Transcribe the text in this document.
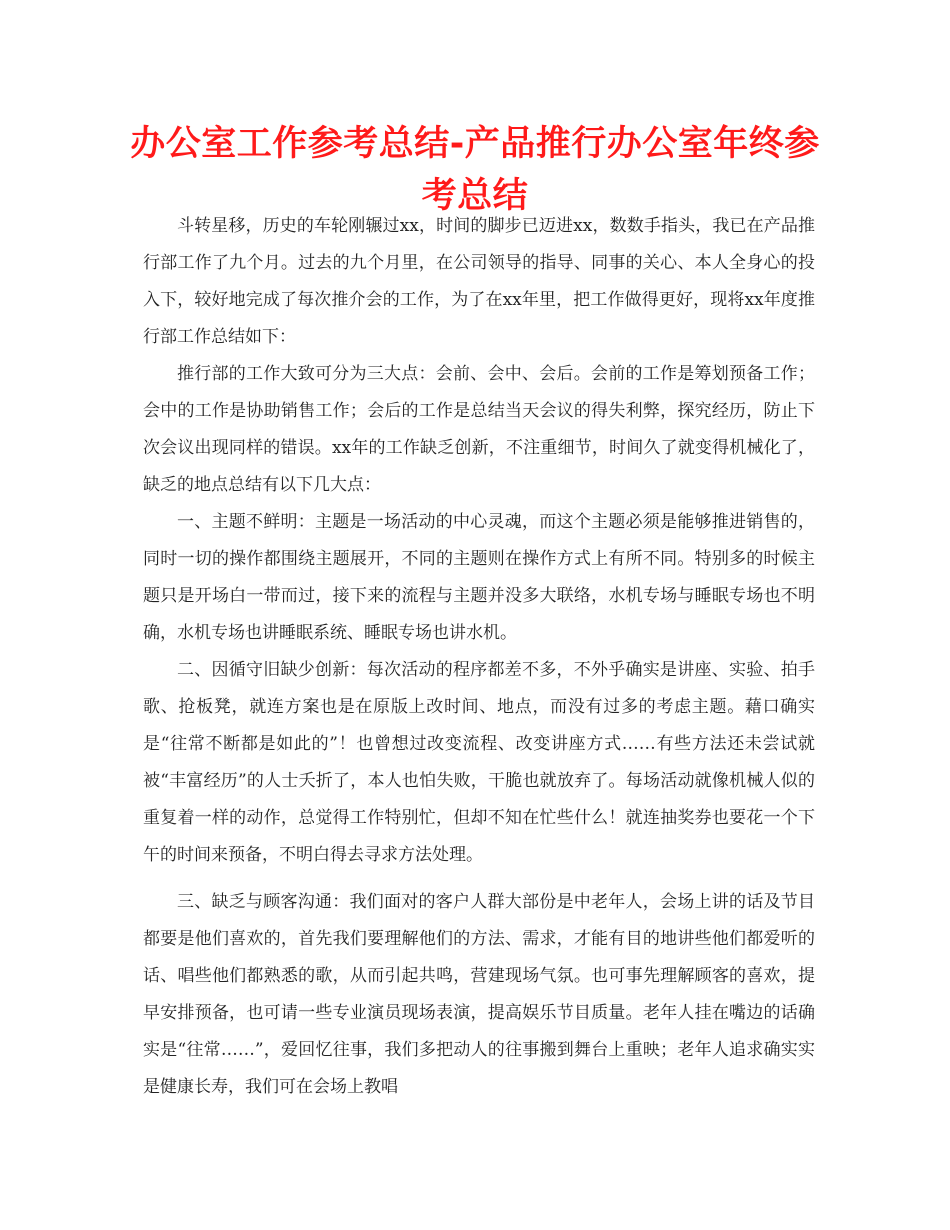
办公室工作参考总结-产品推行办公室年终参考总结

斗转星移，历史的车轮刚辗过xx，时间的脚步已迈进xx，数数手指头，我已在产品推行部工作了九个月。过去的九个月里，在公司领导的指导、同事的关心、本人全身心的投入下，较好地完成了每次推介会的工作，为了在xx年里，把工作做得更好，现将xx年度推行部工作总结如下：

推行部的工作大致可分为三大点：会前、会中、会后。会前的工作是筹划预备工作；会中的工作是协助销售工作；会后的工作是总结当天会议的得失利弊，探究经历，防止下次会议出现同样的错误。xx年的工作缺乏创新，不注重细节，时间久了就变得机械化了，缺乏的地点总结有以下几大点：

一、主题不鲜明：主题是一场活动的中心灵魂，而这个主题必须是能够推进销售的，同时一切的操作都围绕主题展开，不同的主题则在操作方式上有所不同。特别多的时候主题只是开场白一带而过，接下来的流程与主题并没多大联络，水机专场与睡眠专场也不明确，水机专场也讲睡眠系统、睡眠专场也讲水机。

二、因循守旧缺少创新：每次活动的程序都差不多，不外乎确实是讲座、实验、拍手歌、抢板凳，就连方案也是在原版上改时间、地点，而没有过多的考虑主题。藉口确实是“往常不断都是如此的”！也曾想过改变流程、改变讲座方式……有些方法还未尝试就被“丰富经历”的人士夭折了，本人也怕失败，干脆也就放弃了。每场活动就像机械人似的重复着一样的动作，总觉得工作特别忙，但却不知在忙些什么！就连抽奖券也要花一个下午的时间来预备，不明白得去寻求方法处理。

三、缺乏与顾客沟通：我们面对的客户人群大部份是中老年人，会场上讲的话及节目都要是他们喜欢的，首先我们要理解他们的方法、需求，才能有目的地讲些他们都爱听的话、唱些他们都熟悉的歌，从而引起共鸣，营建现场气氛。也可事先理解顾客的喜欢，提早安排预备，也可请一些专业演员现场表演，提高娱乐节目质量。老年人挂在嘴边的话确实是“往常……”，爱回忆往事，我们多把动人的往事搬到舞台上重映；老年人追求确实实是健康长寿，我们可在会场上教唱
